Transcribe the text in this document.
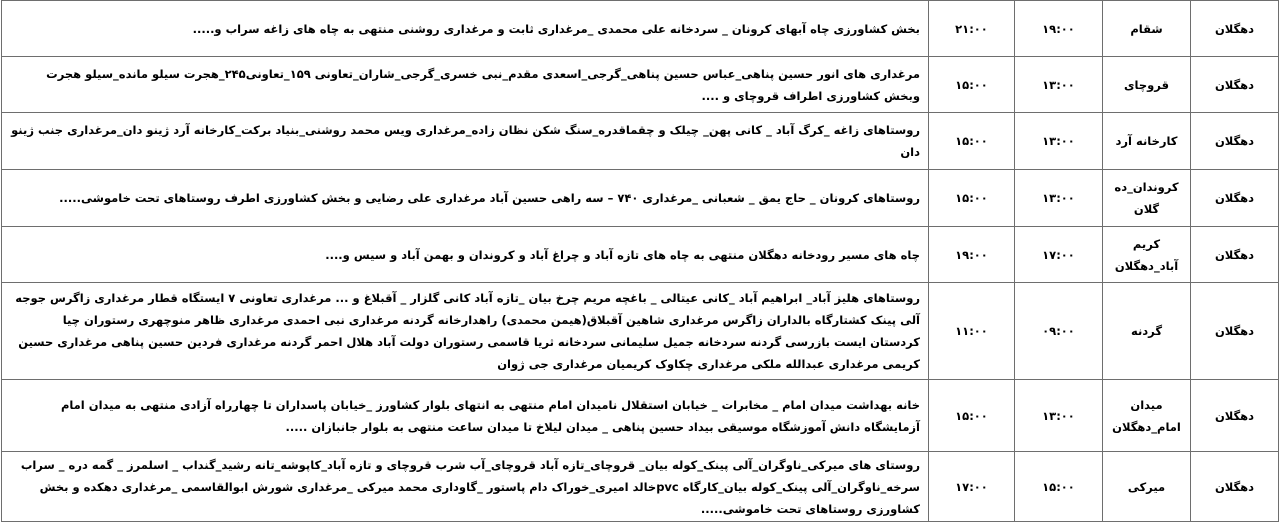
دهگلان	شقام	۱۹:۰۰	۲۱:۰۰	بخش کشاورزی چاه آبهای کرونان _ سردخانه علی محمدی _مرغداری ثابت و مرغداری روشنی منتهی به چاه های زاغه سراب و.....
دهگلان	قروچای	۱۳:۰۰	۱۵:۰۰	مرغداری های انور حسین پناهی_عباس حسین پناهی_گرجی_اسعدی مقدم_نبی خسری_گرجی_شاران_تعاونی ۱۵۹_تعاونی۲۴۵_هجرت سیلو مانده_سیلو هجرت وبخش کشاورزی اطراف قروچای و ....
دهگلان	کارخانه آرد	۱۳:۰۰	۱۵:۰۰	روستاهای زاغه _کرگ آباد _ کانی پهن_ چیلک و چقماقدره_سنگ شکن نظان زاده_مرغداری ویس محمد روشنی_بنیاد برکت_کارخانه آرد ژینو دان_مرغداری جنب ژینو دان
دهگلان	کروندان_ده گلان	۱۳:۰۰	۱۵:۰۰	روستاهای کرونان _ حاج یمق _ شعبانی _مرغداری ۷۴۰ – سه راهی حسین آباد مرغداری علی رضایی و بخش کشاورزی اطرف روستاهای تحت خاموشی.....
دهگلان	کریم آباد_دهگلان	۱۷:۰۰	۱۹:۰۰	چاه های مسیر رودخانه دهگلان منتهی به چاه های تازه آباد و چراغ آباد و کروندان و بهمن آباد و سیس و....
دهگلان	گردنه	۰۹:۰۰	۱۱:۰۰	روستاهای هلیز آباد_ ابراهیم آباد _کانی عیتالی _ باغچه مریم چرخ بیان _تازه آباد کانی گلزار _ آقبلاغ و ... مرغداری تعاونی ۷ ایستگاه قطار مرغداری زاگرس جوجه آلی پینک کشتارگاه بالداران زاگرس مرغداری شاهین آقبلاق(هیمن محمدی) راهدارخانه گردنه مرغداری نبی احمدی مرغداری ظاهر منوچهری رستوران چیا کردستان ایست بازرسی گردنه سردخانه جمیل سلیمانی سردخانه ثریا قاسمی رستوران دولت آباد هلال احمر گردنه مرغداری فردین حسین پناهی مرغداری حسین کریمی مرغداری عبدالله ملکی مرغداری چکاوک کریمیان مرغداری جی ژوان
دهگلان	میدان امام_دهگلان	۱۳:۰۰	۱۵:۰۰	خانه بهداشت میدان امام _ مخابرات _ خیابان استقلال نامیدان امام منتهی به انتهای بلوار کشاورز _خیابان پاسداران تا چهارراه آزادی منتهی به میدان امام آزمایشگاه دانش آموزشگاه موسیقی بیداد حسین پناهی _ میدان لیلاخ تا میدان ساعت منتهی به بلوار جانبازان .....
دهگلان	میرکی	۱۵:۰۰	۱۷:۰۰	روستای های میرکی_ناوگران_آلی پینک_کوله بیان_ قروچای_تازه آباد قروچای_آب شرب قروچای و تازه آباد_کاپوشه_تانه رشید_گنداب _ اسلمرز _ گمه دره _ سراب سرخه_ناوگران_آلی پینک_کوله بیان_کارگاه pvcخالد امیری_خوراک دام پاستور _گاوداری محمد میرکی _مرغداری شورش ابوالقاسمی _مرغداری دهکده و بخش کشاورزی روستاهای تحت خاموشی.....
